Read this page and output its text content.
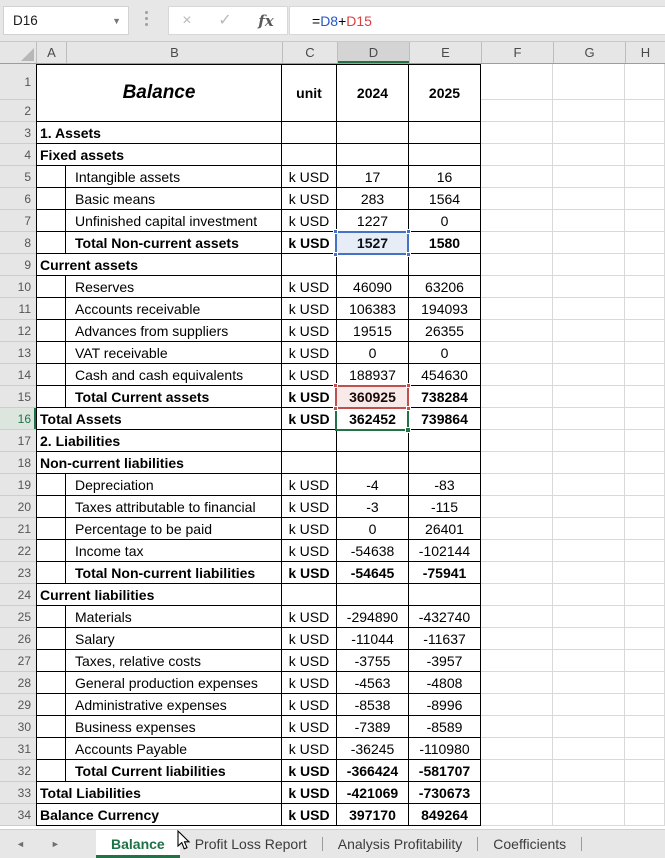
D16	▼	× ✓ fx	= D8 + D15
A	B	C	D	E	F	G	H
1
2
Balance	unit	2024	2025
3 1. Assets
4 Fixed assets
5	Intangible assets	k USD	17	16
6	Basic means	k USD	283	1564
7	Unfinished capital investment	k USD	1227	0
8	Total Non-current assets	k USD	1527	1580
9 Current assets
10	Reserves	k USD	46090	63206
11	Accounts receivable	k USD	106383	194093
12	Advances from suppliers	k USD	19515	26355
13	VAT receivable	k USD	0	0
14	Cash and cash equivalents	k USD	188937	454630
15	Total Current assets	k USD	360925	738284
16 Total Assets	k USD	362452	739864
17 2. Liabilities
18 Non-current liabilities
19	Depreciation	k USD	-4	-83
20	Taxes attributable to financial	k USD	-3	-115
21	Percentage to be paid	k USD	0	26401
22	Income tax	k USD	-54638	-102144
23	Total Non-current liabilities	k USD	-54645	-75941
24 Current liabilities
25	Materials	k USD	-294890	-432740
26	Salary	k USD	-11044	-11637
27	Taxes, relative costs	k USD	-3755	-3957
28	General production expenses	k USD	-4563	-4808
29	Administrative expenses	k USD	-8538	-8996
30	Business expenses	k USD	-7389	-8589
31	Accounts Payable	k USD	-36245	-110980
32	Total Current liabilities	k USD	-366424	-581707
33 Total Liabilities	k USD	-421069	-730673
34 Balance Currency	k USD	397170	849264
◄	►	Balance	Profit Loss Report	Analysis Profitability	Coefficients
